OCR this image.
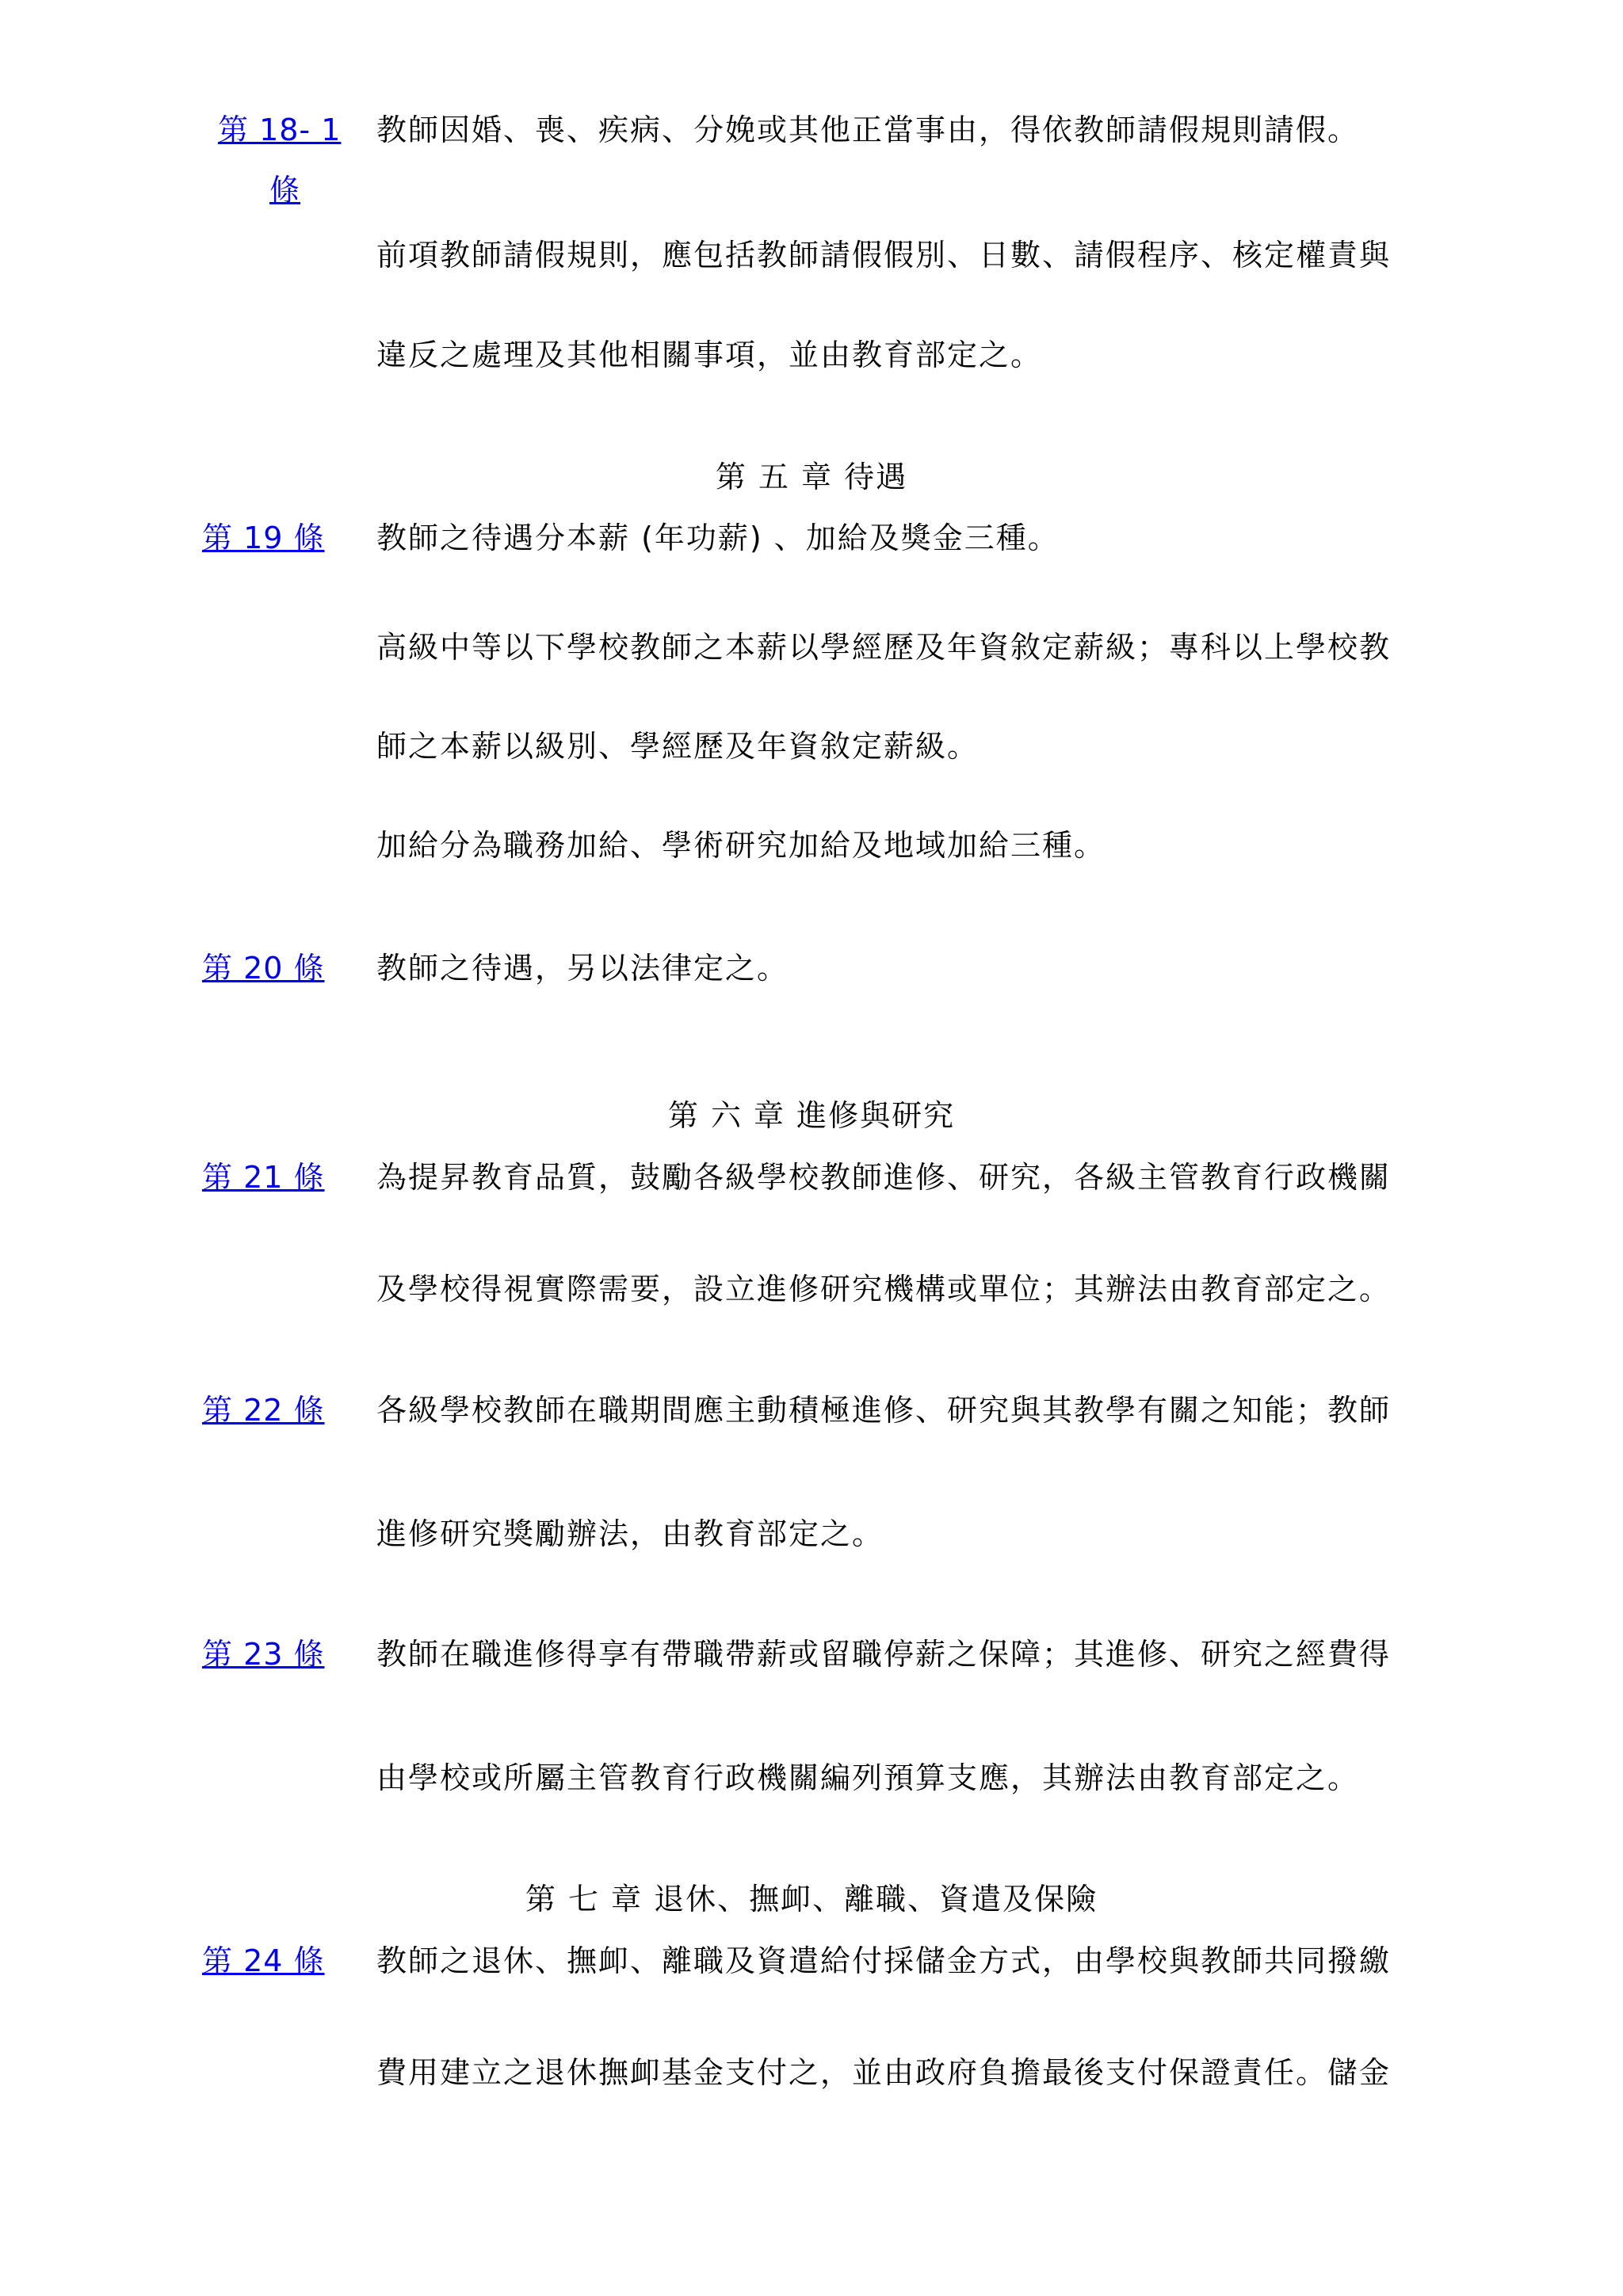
第 18- 1
條
教師因婚、喪、疾病、分娩或其他正當事由，得依教師請假規則請假。
前項教師請假規則，應包括教師請假假別、日數、請假程序、核定權責與
違反之處理及其他相關事項，並由教育部定之。
第 五 章 待遇
第 19 條 教師之待遇分本薪 (年功薪) 、加給及獎金三種。
高級中等以下學校教師之本薪以學經歷及年資敘定薪級；專科以上學校教
師之本薪以級別、學經歷及年資敘定薪級。
加給分為職務加給、學術研究加給及地域加給三種。
第 20 條 教師之待遇，另以法律定之。
第 六 章 進修與研究
第 21 條 為提昇教育品質，鼓勵各級學校教師進修、研究，各級主管教育行政機關
及學校得視實際需要，設立進修研究機構或單位；其辦法由教育部定之。
第 22 條 各級學校教師在職期間應主動積極進修、研究與其教學有關之知能；教師
進修研究獎勵辦法，由教育部定之。
第 23 條 教師在職進修得享有帶職帶薪或留職停薪之保障；其進修、研究之經費得
由學校或所屬主管教育行政機關編列預算支應，其辦法由教育部定之。
第 七 章 退休、撫卹、離職、資遣及保險
第 24 條 教師之退休、撫卹、離職及資遣給付採儲金方式，由學校與教師共同撥繳
費用建立之退休撫卹基金支付之，並由政府負擔最後支付保證責任。儲金
